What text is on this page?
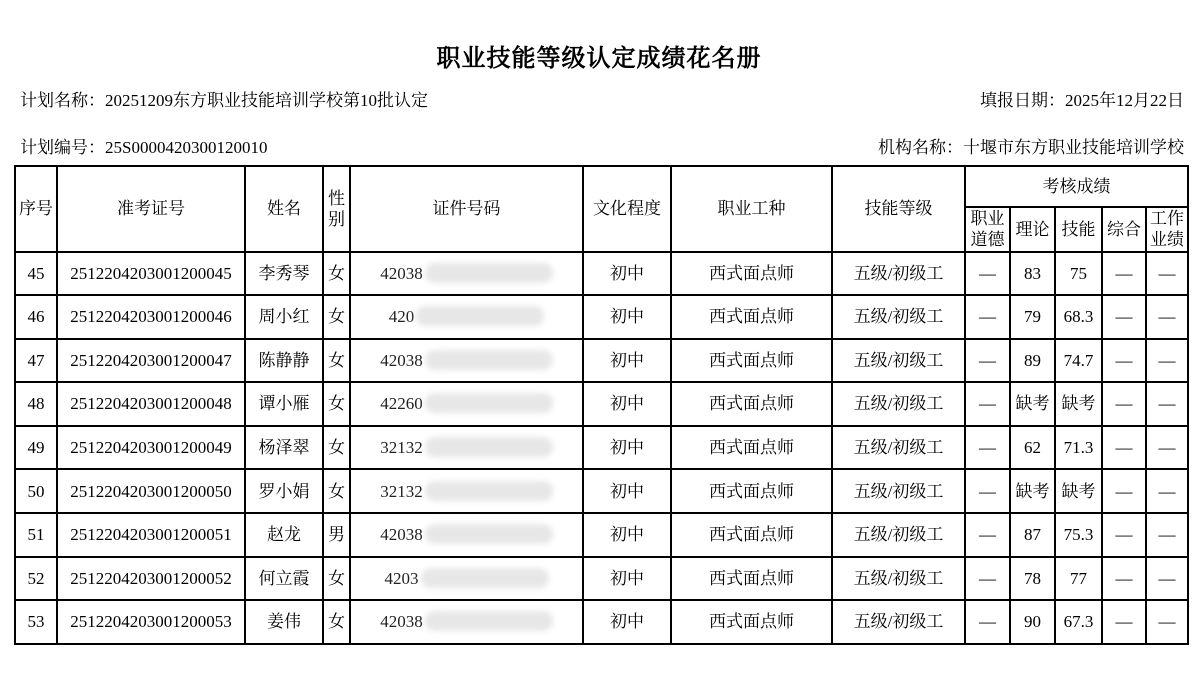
职业技能等级认定成绩花名册
计划名称：20251209东方职业技能培训学校第10批认定	填报日期：2025年12月22日
计划编号：25S0000420300120010	机构名称：十堰市东方职业技能培训学校
序号	准考证号	姓名	性别	证件号码	文化程度	职业工种	技能等级	考核成绩				
								职业道德	理论	技能	综合	工作业绩
45	2512204203001200045	李秀琴	女	42038	初中	西式面点师	五级/初级工	—	83	75	—	—
46	2512204203001200046	周小红	女	420	初中	西式面点师	五级/初级工	—	79	68.3	—	—
47	2512204203001200047	陈静静	女	42038	初中	西式面点师	五级/初级工	—	89	74.7	—	—
48	2512204203001200048	谭小雁	女	42260	初中	西式面点师	五级/初级工	—	缺考	缺考	—	—
49	2512204203001200049	杨泽翠	女	32132	初中	西式面点师	五级/初级工	—	62	71.3	—	—
50	2512204203001200050	罗小娟	女	32132	初中	西式面点师	五级/初级工	—	缺考	缺考	—	—
51	2512204203001200051	赵龙	男	42038	初中	西式面点师	五级/初级工	—	87	75.3	—	—
52	2512204203001200052	何立霞	女	4203	初中	西式面点师	五级/初级工	—	78	77	—	—
53	2512204203001200053	姜伟	女	42038	初中	西式面点师	五级/初级工	—	90	67.3	—	—
